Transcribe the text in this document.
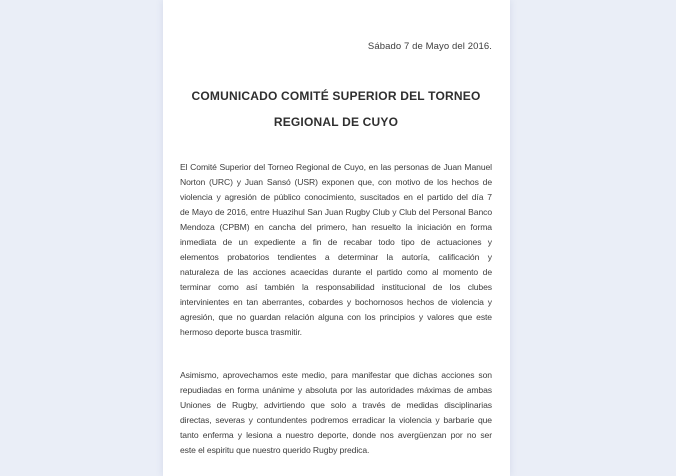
Sábado 7 de Mayo del 2016.
COMUNICADO COMITÉ SUPERIOR DEL TORNEO
REGIONAL DE CUYO
El Comité Superior del Torneo Regional de Cuyo, en las personas de Juan Manuel
Norton (URC) y Juan Sansó (USR) exponen que, con motivo de los hechos de
violencia y agresión de público conocimiento, suscitados en el partido del día 7
de Mayo de 2016, entre Huazihul San Juan Rugby Club y Club del Personal Banco
Mendoza (CPBM) en cancha del primero, han resuelto la iniciación en forma
inmediata de un expediente a fin de recabar todo tipo de actuaciones y
elementos probatorios tendientes a determinar la autoría, calificación y
naturaleza de las acciones acaecidas durante el partido como al momento de
terminar como así también la responsabilidad institucional de los clubes
intervinientes en tan aberrantes, cobardes y bochornosos hechos de violencia y
agresión, que no guardan relación alguna con los principios y valores que este
hermoso deporte busca trasmitir.
Asimismo, aprovechamos este medio, para manifestar que dichas acciones son
repudiadas en forma unánime y absoluta por las autoridades máximas de ambas
Uniones de Rugby, advirtiendo que solo a través de medidas disciplinarias
directas, severas y contundentes podremos erradicar la violencia y barbarie que
tanto enferma y lesiona a nuestro deporte, donde nos avergüenzan por no ser
este el espiritu que nuestro querido Rugby predica.
